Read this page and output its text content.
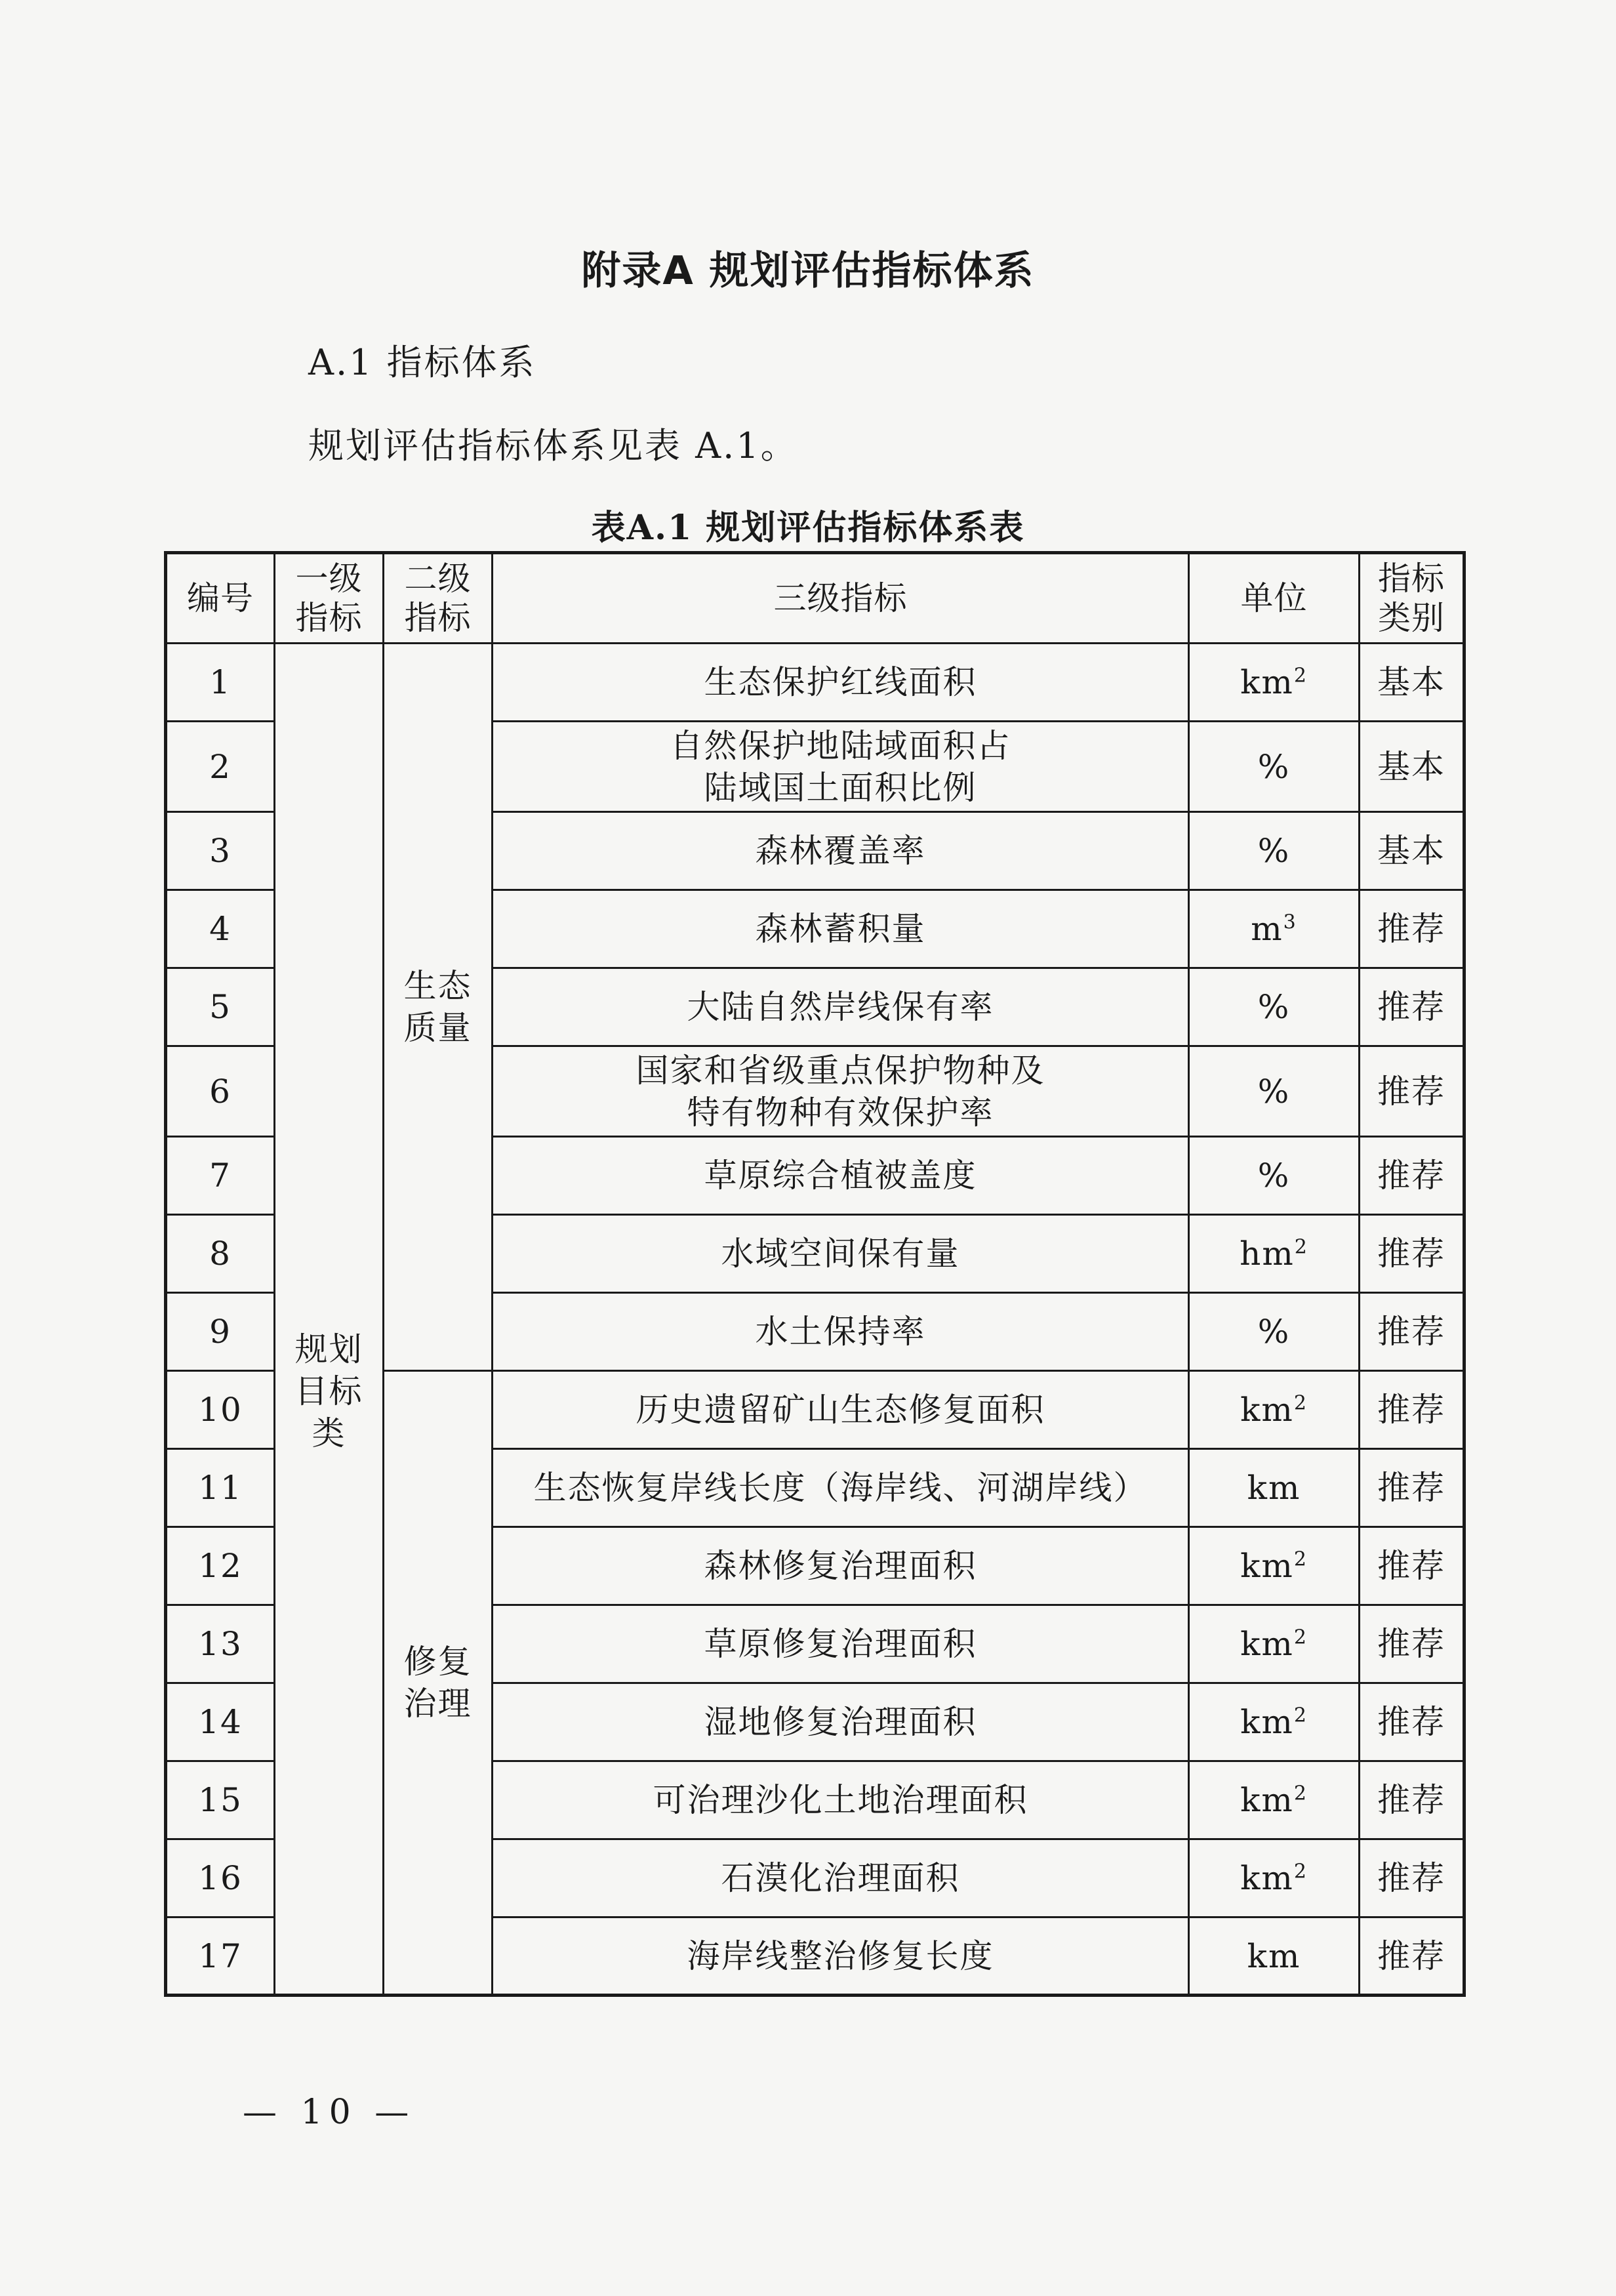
附录A 规划评估指标体系
A.1 指标体系
规划评估指标体系见表 A.1。
表A.1 规划评估指标体系表
编号	一级指标	二级指标	三级指标	单位	指标类别
1	规划目标类	生态质量	生态保护红线面积	$km^2$	基本
2			自然保护地陆域面积占
陆域国土面积比例	%	基本
3			森林覆盖率	%	基本
4			森林蓄积量	$m^3$	推荐
5			大陆自然岸线保有率	%	推荐
6			国家和省级重点保护物种及
特有物种有效保护率	%	推荐
7			草原综合植被盖度	%	推荐
8			水域空间保有量	$hm^2$	推荐
9			水土保持率	%	推荐
10		修复治理	历史遗留矿山生态修复面积	$km^2$	推荐
11			生态恢复岸线长度（海岸线、河湖岸线）	km	推荐
12			森林修复治理面积	$km^2$	推荐
13			草原修复治理面积	$km^2$	推荐
14			湿地修复治理面积	$km^2$	推荐
15			可治理沙化土地治理面积	$km^2$	推荐
16			石漠化治理面积	$km^2$	推荐
17			海岸线整治修复长度	km	推荐
— 10 —
